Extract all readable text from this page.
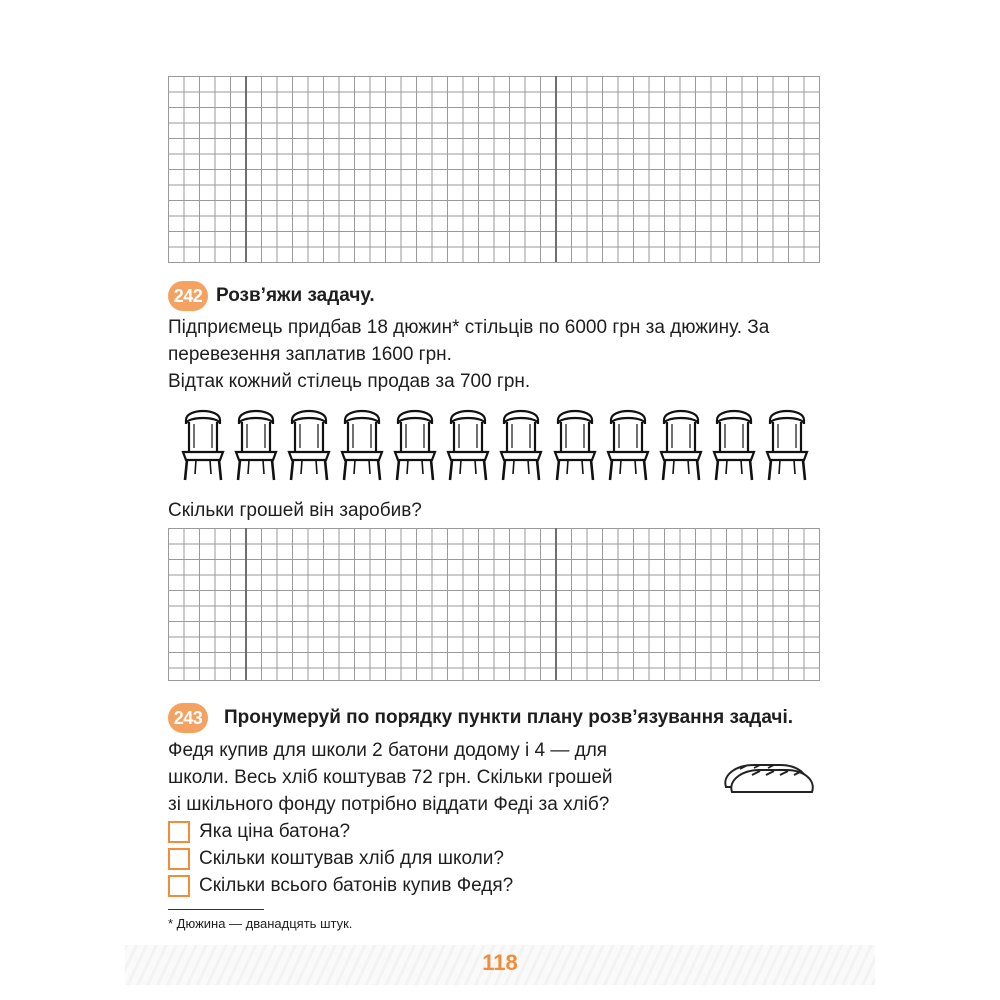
242 Розв’яжи задачу.
Підприємець придбав 18 дюжин* стільців по 6000 грн за дюжину. За
перевезення заплатив 1600 грн.
Відтак кожний стілець продав за 700 грн.
Скільки грошей він заробив?
243	Пронумеруй по порядку пункти плану розв’язування задачі.
Федя купив для школи 2 батони додому і 4 — для
школи. Весь хліб коштував 72 грн. Скільки грошей
зі шкільного фонду потрібно віддати Феді за хліб?
Яка ціна батона?
Скільки коштував хліб для школи?
Скільки всього батонів купив Федя?
* Дюжина — дванадцять штук.
118
